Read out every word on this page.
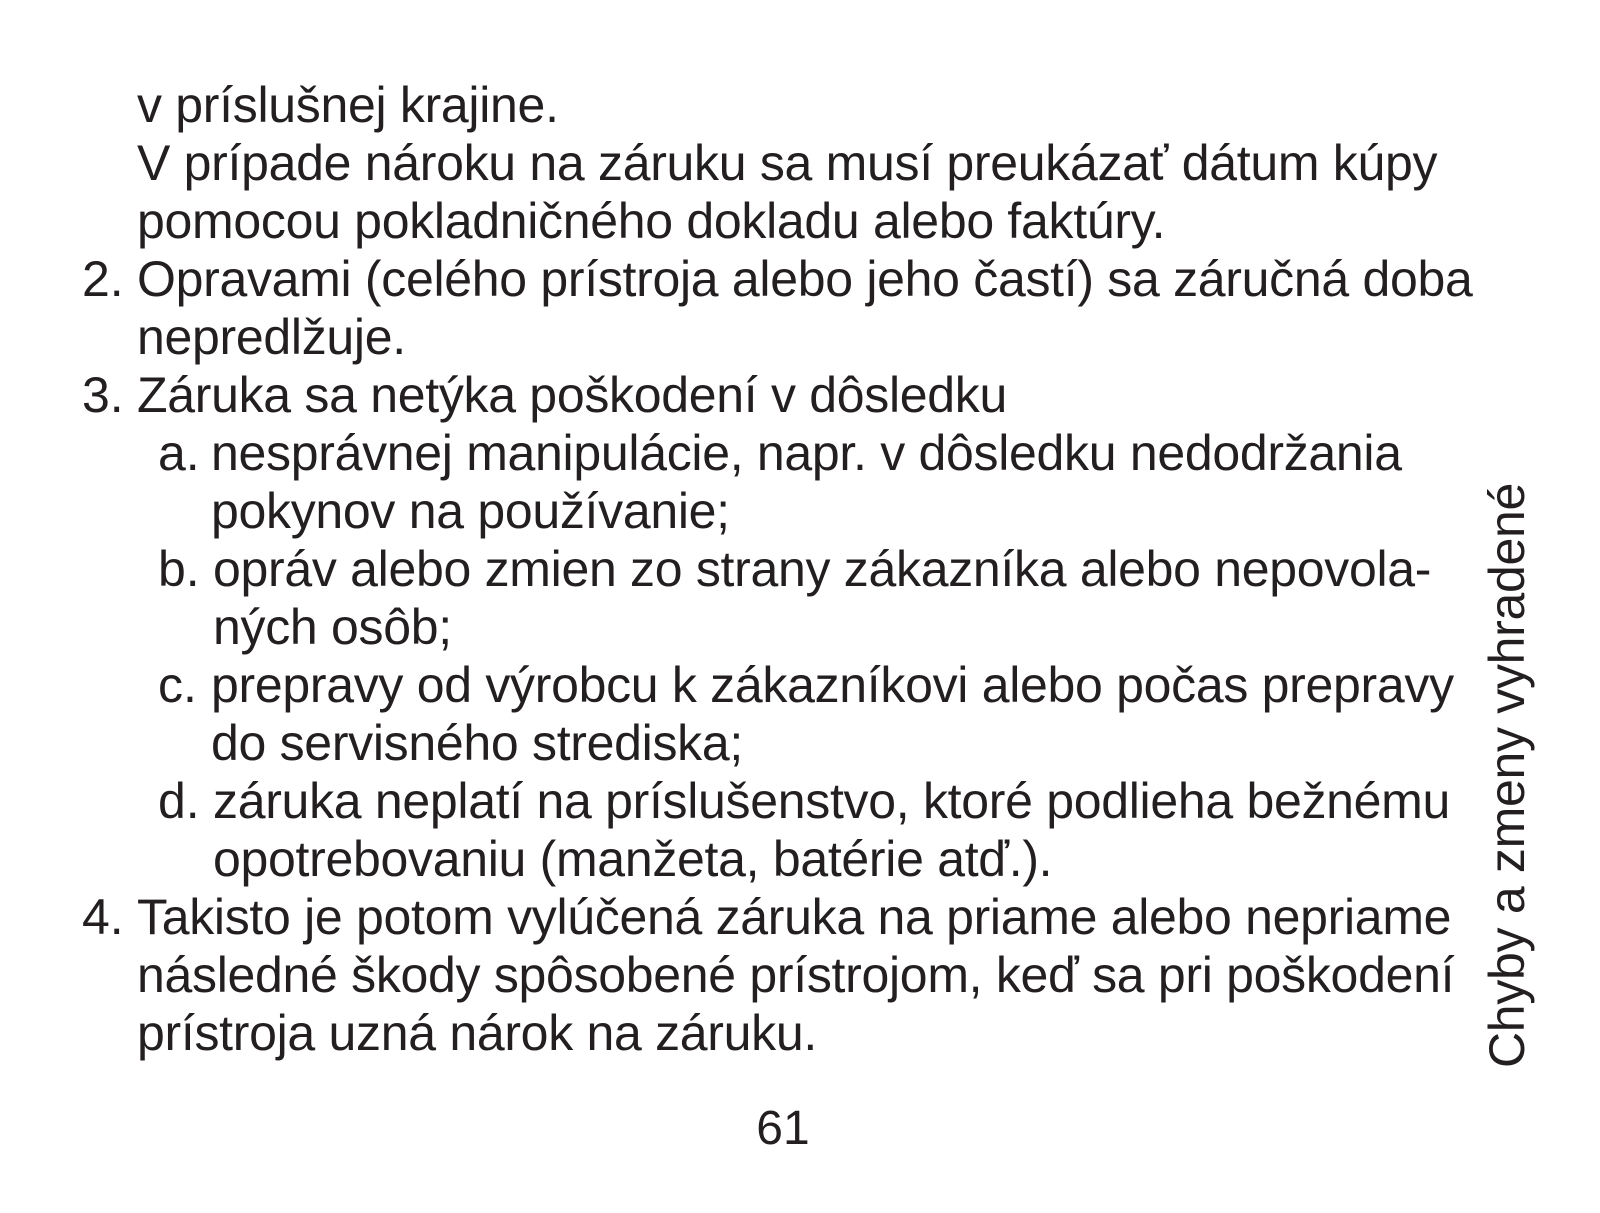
v príslušnej krajine.
V prípade nároku na záruku sa musí preukázať dátum kúpy
pomocou pokladničného dokladu alebo faktúry.
2. Opravami (celého prístroja alebo jeho častí) sa záručná doba
nepredlžuje.
3. Záruka sa netýka poškodení v dôsledku
a. nesprávnej manipulácie, napr. v dôsledku nedodržania
pokynov na používanie;
b. opráv alebo zmien zo strany zákazníka alebo nepovola-
ných osôb;
c. prepravy od výrobcu k zákazníkovi alebo počas prepravy
do servisného strediska;
d. záruka neplatí na príslušenstvo, ktoré podlieha bežnému
opotrebovaniu (manžeta, batérie atď.).
4. Takisto je potom vylúčená záruka na priame alebo nepriame
následné škody spôsobené prístrojom, keď sa pri poškodení
prístroja uzná nárok na záruku.	Chyby a zmeny vyhradené
61
